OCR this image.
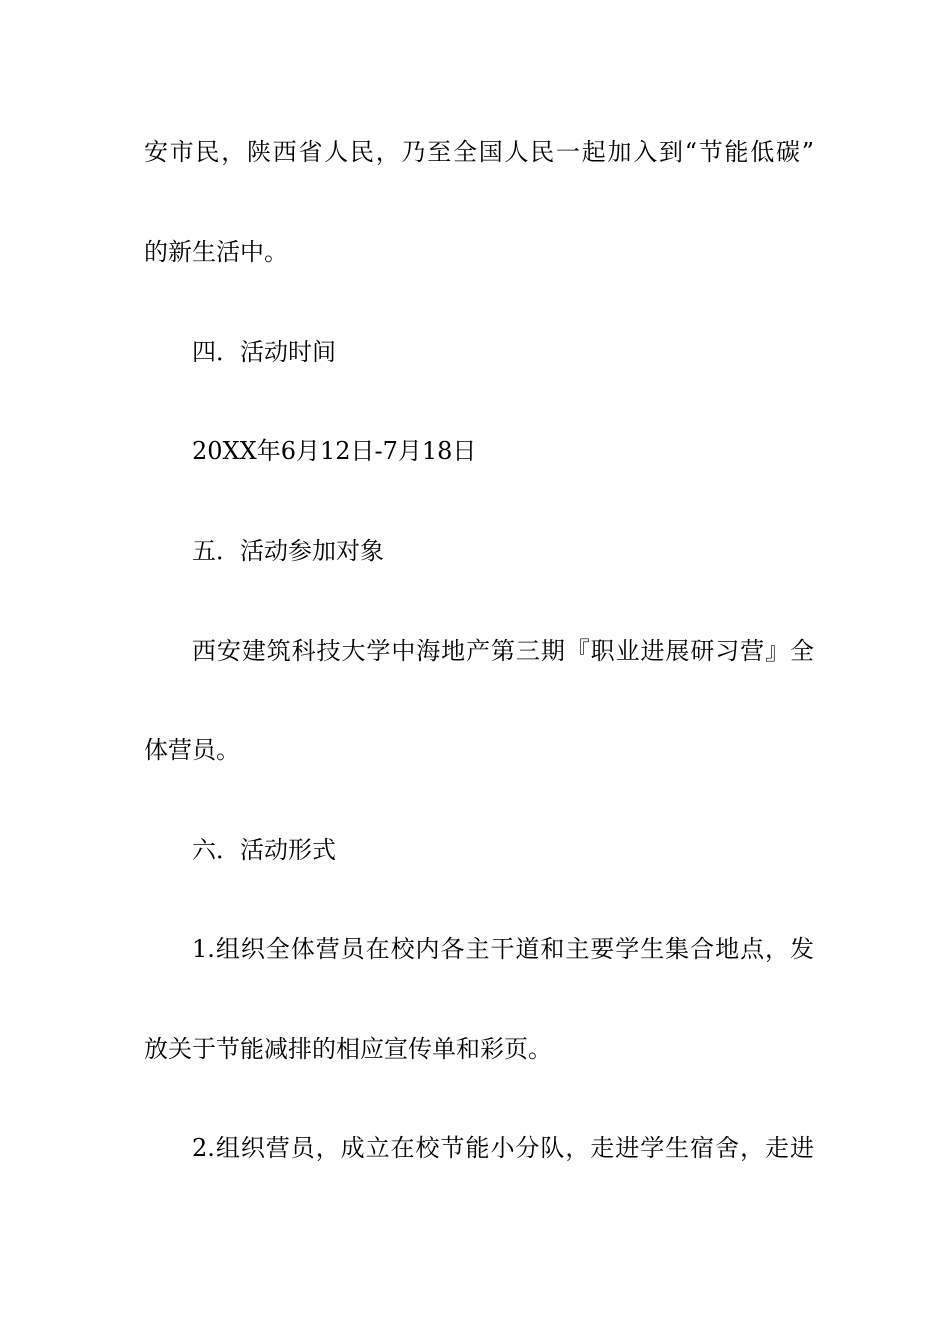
安市民，陕西省人民，乃至全国人民一起加入到“节能低碳”
的新生活中。
四．活动时间
20XX年6月12日-7月18日
五．活动参加对象
西安建筑科技大学中海地产第三期『职业进展研习营』全
体营员。
六．活动形式
1.组织全体营员在校内各主干道和主要学生集合地点，发
放关于节能减排的相应宣传单和彩页。
2.组织营员，成立在校节能小分队，走进学生宿舍，走进
